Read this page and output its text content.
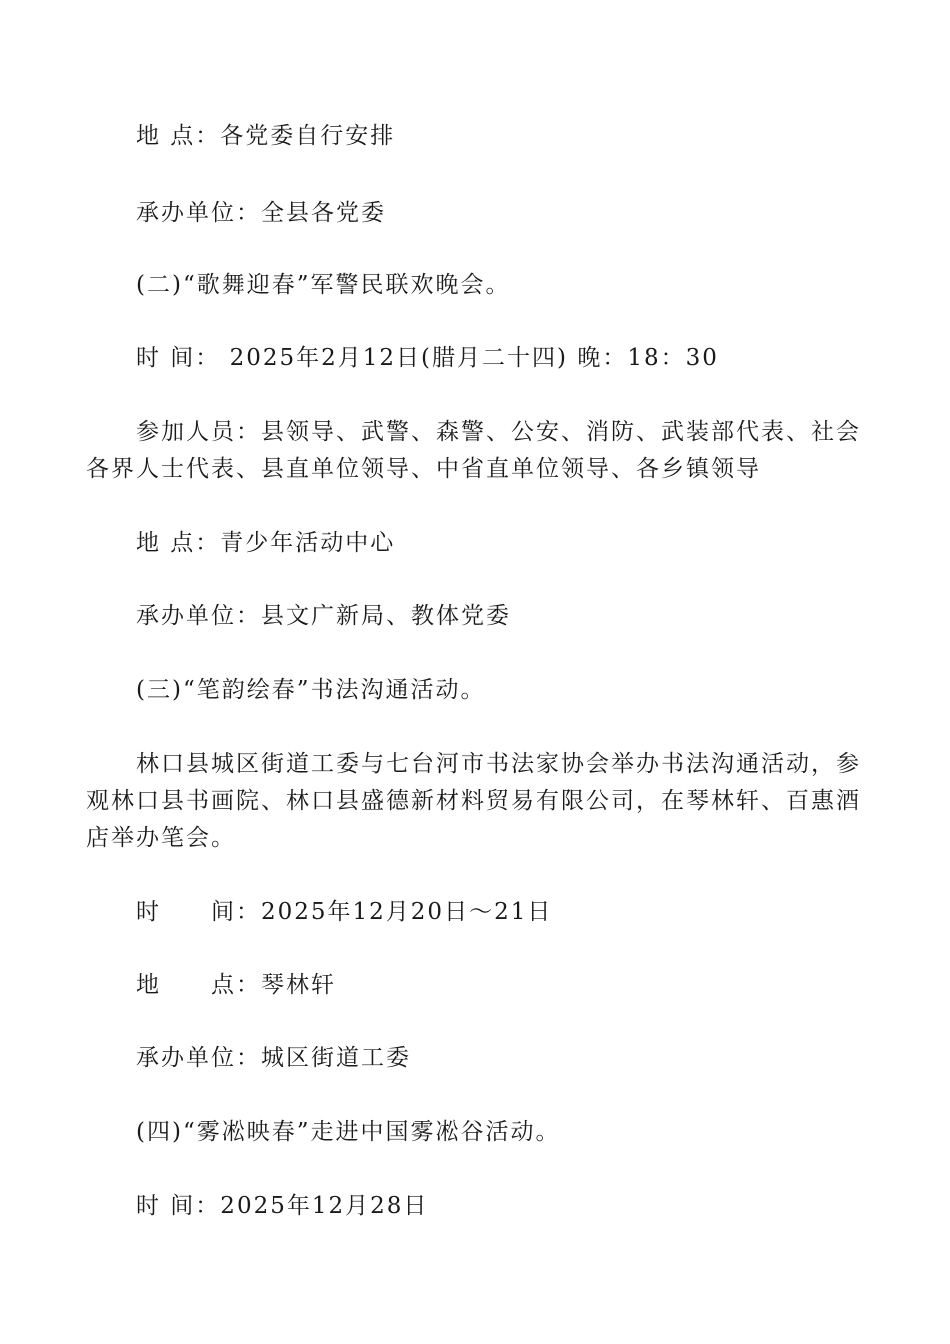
地 点：各党委自行安排

承办单位：全县各党委

(二)“歌舞迎春”军警民联欢晚会。

时 间： 2025年2月12日(腊月二十四) 晚：18：30

参加人员：县领导、武警、森警、公安、消防、武装部代表、社会各界人士代表、县直单位领导、中省直单位领导、各乡镇领导

地 点：青少年活动中心

承办单位：县文广新局、教体党委

(三)“笔韵绘春”书法沟通活动。

林口县城区街道工委与七台河市书法家协会举办书法沟通活动，参观林口县书画院、林口县盛德新材料贸易有限公司，在琴林轩、百惠酒店举办笔会。

时　　间：2025年12月20日～21日

地　　点：琴林轩

承办单位：城区街道工委

(四)“雾凇映春”走进中国雾凇谷活动。

时 间：2025年12月28日
